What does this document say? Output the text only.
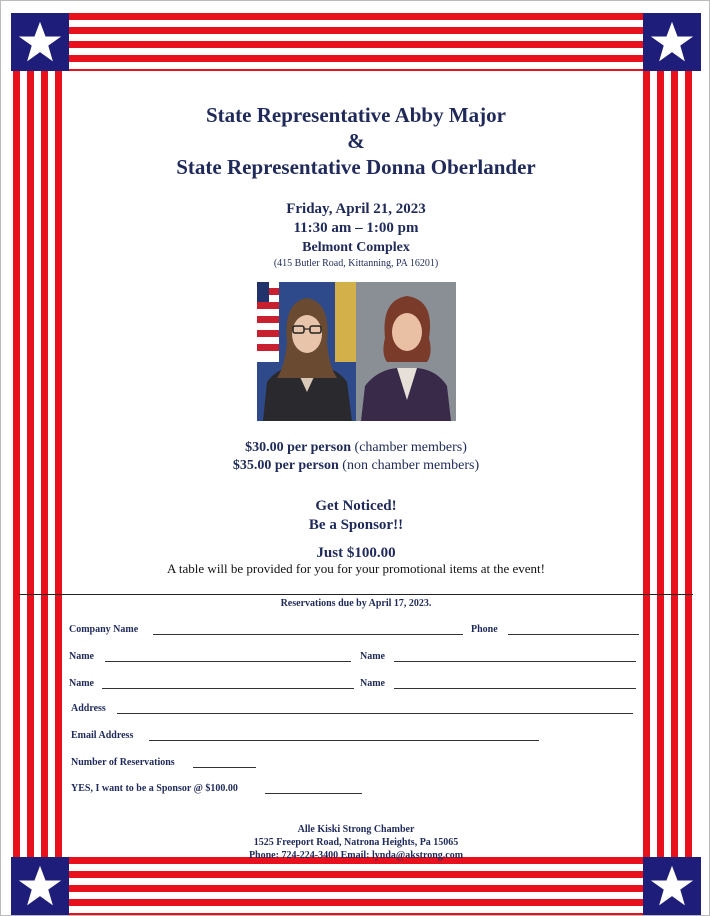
State Representative Abby Major
&
State Representative Donna Oberlander
Friday, April 21, 2023
11:30 am – 1:00 pm
Belmont Complex
(415 Butler Road, Kittanning, PA 16201)
$30.00 per person (chamber members)
$35.00 per person (non chamber members)
Get Noticed!
Be a Sponsor!!
Just $100.00
A table will be provided for you for your promotional items at the event!
Reservations due by April 17, 2023.
Company Name	Phone
Name	Name
Name	Name
Address
Email Address
Number of Reservations
YES, I want to be a Sponsor @ $100.00
Alle Kiski Strong Chamber
1525 Freeport Road, Natrona Heights, Pa 15065
Phone: 724-224-3400 Email: lynda@akstrong.com
